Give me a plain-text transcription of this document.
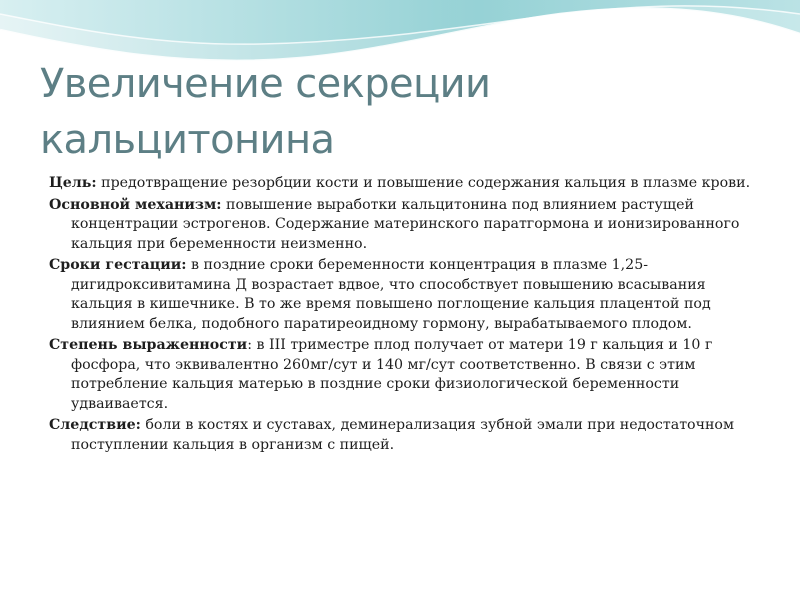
Увеличение секреции
кальцитонина
Цель: предотвращение резорбции кости и повышение содержания кальция в плазме крови.
Основной механизм: повышение выработки кальцитонина под влиянием растущей концентрации эстрогенов. Содержание материнского паратгормона и ионизированного кальция при беременности неизменно.
Сроки гестации: в поздние сроки беременности концентрация в плазме 1,25-дигидроксивитамина Д возрастает вдвое, что способствует повышению всасывания кальция в кишечнике. В то же время повышено поглощение кальция плацентой под влиянием белка, подобного паратиреоидному гормону, вырабатываемого плодом.
Степень выраженности: в III триместре плод получает от матери 19 г кальция и 10 г фосфора, что эквивалентно 260мг/сут и 140 мг/сут соответственно. В связи с этим потребление кальция матерью в поздние сроки физиологической беременности удваивается.
Следствие: боли в костях и суставах, деминерализация зубной эмали при недостаточном поступлении кальция в организм с пищей.
